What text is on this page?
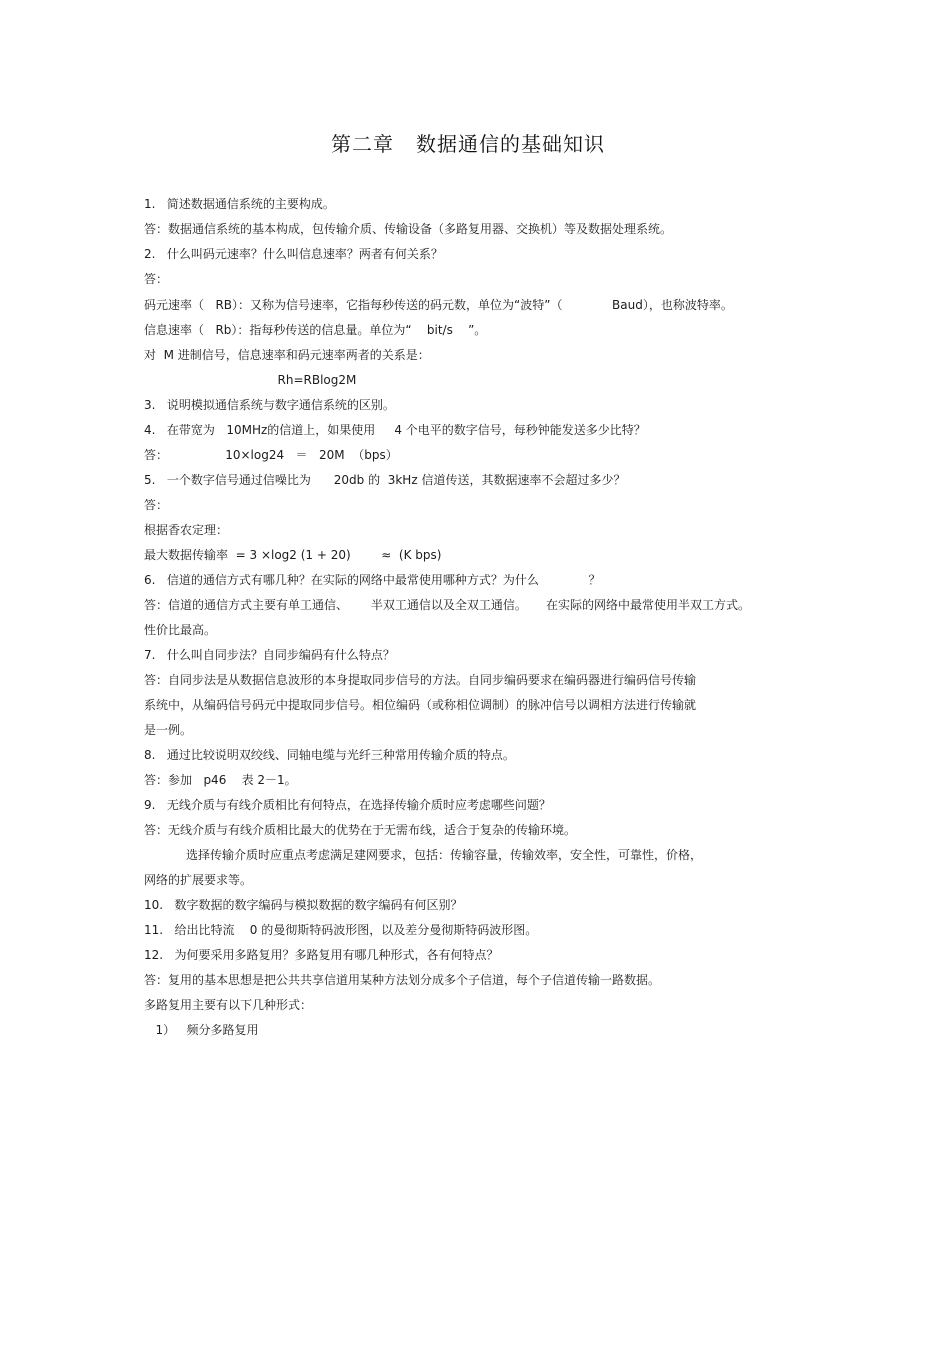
第二章   数据通信的基础知识
1.   简述数据通信系统的主要构成。
答：数据通信系统的基本构成，包传输介质、传输设备（多路复用器、交换机）等及数据处理系统。
2.   什么叫码元速率？什么叫信息速率？两者有何关系？
答：
码元速率（   RB）：又称为信号速率，它指每秒传送的码元数，单位为“波特”（             Baud），也称波特率。
信息速率（   Rb）：指每秒传送的信息量。单位为“    bit/s    ”。
对  M 进制信号，信息速率和码元速率两者的关系是：
Rh=RBlog2M
3.   说明模拟通信系统与数字通信系统的区别。
4.   在带宽为   10MHz的信道上，如果使用     4 个电平的数字信号，每秒钟能发送多少比特？
答：               10×log24   ＝   20M  （bps）
5.   一个数字信号通过信噪比为      20db 的  3kHz 信道传送，其数据速率不会超过多少？
答：
根据香农定理：
最大数据传输率  = 3 ×log2 (1 + 20)        ≈  (K bps)
6.   信道的通信方式有哪几种？在实际的网络中最常使用哪种方式？为什么             ？
答：信道的通信方式主要有单工通信、      半双工通信以及全双工通信。     在实际的网络中最常使用半双工方式。
性价比最高。
7.   什么叫自同步法？自同步编码有什么特点？
答：自同步法是从数据信息波形的本身提取同步信号的方法。自同步编码要求在编码器进行编码信号传输
系统中，从编码信号码元中提取同步信号。相位编码（或称相位调制）的脉冲信号以调相方法进行传输就
是一例。
8.   通过比较说明双绞线、同轴电缆与光纤三种常用传输介质的特点。
答：参加   p46    表 2－1。
9.   无线介质与有线介质相比有何特点，在选择传输介质时应考虑哪些问题？
答：无线介质与有线介质相比最大的优势在于无需布线，适合于复杂的传输环境。
选择传输介质时应重点考虑满足建网要求，包括：传输容量，传输效率，安全性，可靠性，价格，
网络的扩展要求等。
10.   数字数据的数字编码与模拟数据的数字编码有何区别？
11.   给出比特流    0 的曼彻斯特码波形图，以及差分曼彻斯特码波形图。
12.   为何要采用多路复用？多路复用有哪几种形式，各有何特点？
答：复用的基本思想是把公共共享信道用某种方法划分成多个子信道，每个子信道传输一路数据。
多路复用主要有以下几种形式：
1）   频分多路复用
